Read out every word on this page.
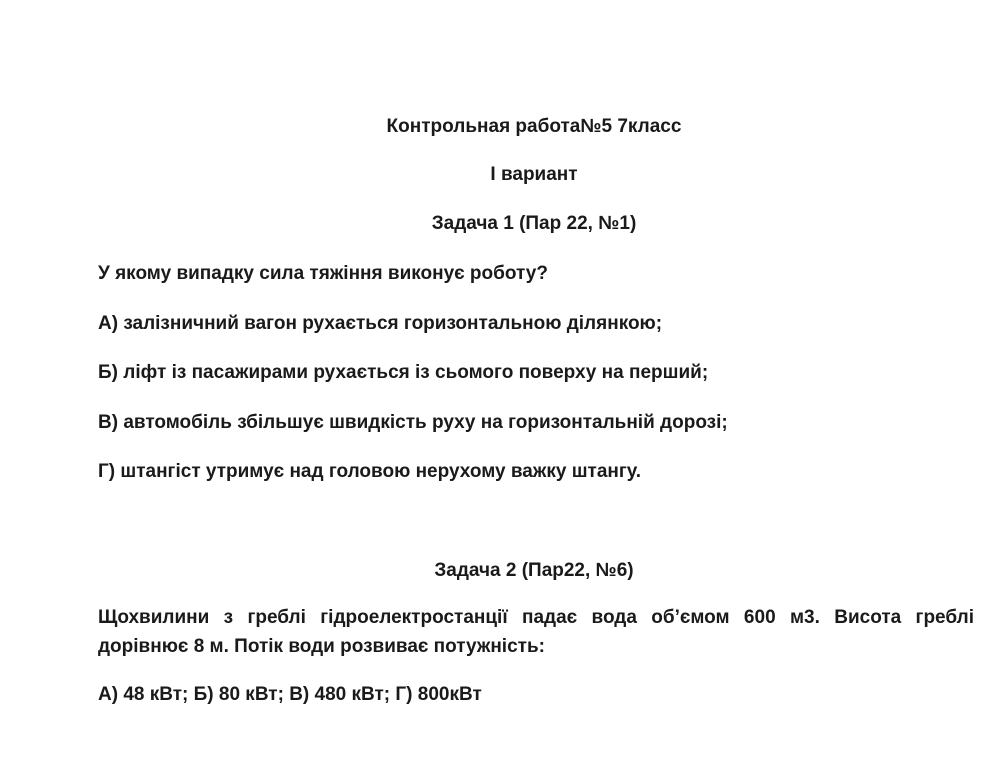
Контрольная работа№5 7класс
І вариант
Задача 1 (Пар 22, №1)
У якому випадку сила тяжіння виконує роботу?
А) залізничний вагон рухається горизонтальною ділянкою;
Б) ліфт із пасажирами рухається із сьомого поверху на перший;
В) автомобіль збільшує швидкість руху на горизонтальній дорозі;
Г) штангіст утримує над головою нерухому важку штангу.
Задача 2 (Пар22, №6)
Щохвилини з греблі гідроелектростанції падає вода об’ємом 600 м3. Висота греблі дорівнює 8 м. Потік води розвиває потужність:
А) 48 кВт; Б) 80 кВт; В) 480 кВт; Г) 800кВт
